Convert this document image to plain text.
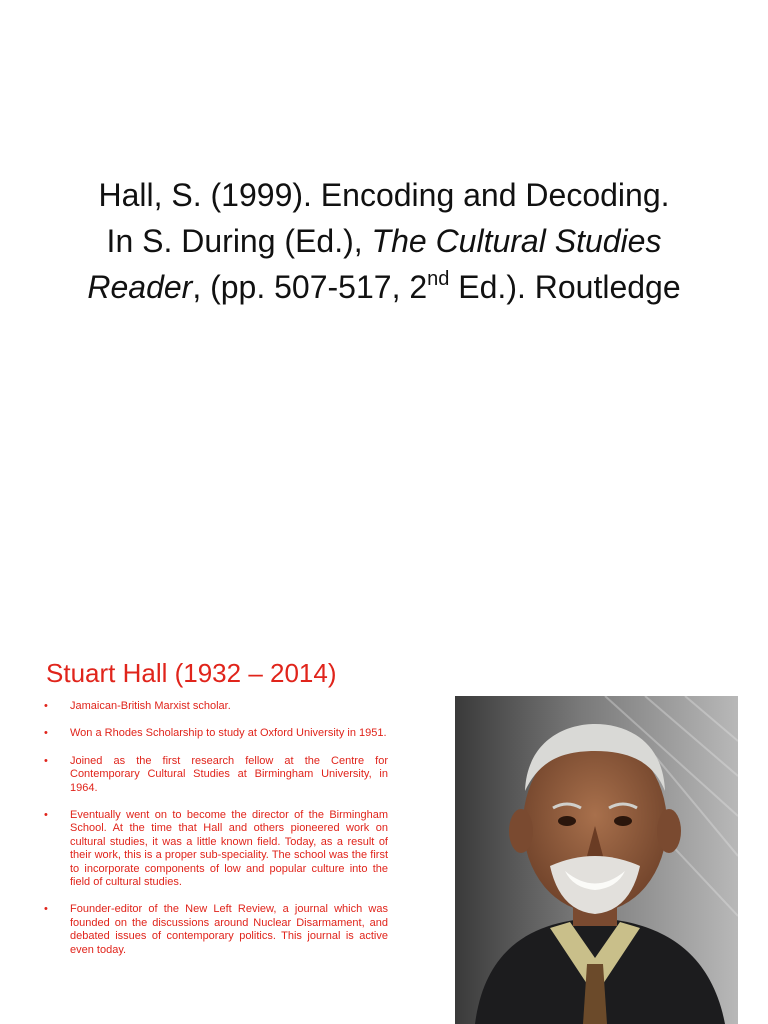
Hall, S. (1999). Encoding and Decoding.
In S. During (Ed.), The Cultural Studies
Reader, (pp. 507-517, 2nd Ed.). Routledge
Stuart Hall (1932 – 2014)
• Jamaican-British Marxist scholar.
• Won a Rhodes Scholarship to study at Oxford University in 1951.
• Joined as the first research fellow at the Centre for Contemporary Cultural Studies at Birmingham University, in 1964.
• Eventually went on to become the director of the Birmingham School. At the time that Hall and others pioneered work on cultural studies, it was a little known field. Today, as a result of their work, this is a proper sub-speciality. The school was the first to incorporate components of low and popular culture into the field of cultural studies.
• Founder-editor of the New Left Review, a journal which was founded on the discussions around Nuclear Disarmament, and debated issues of contemporary politics. This journal is active even today.
